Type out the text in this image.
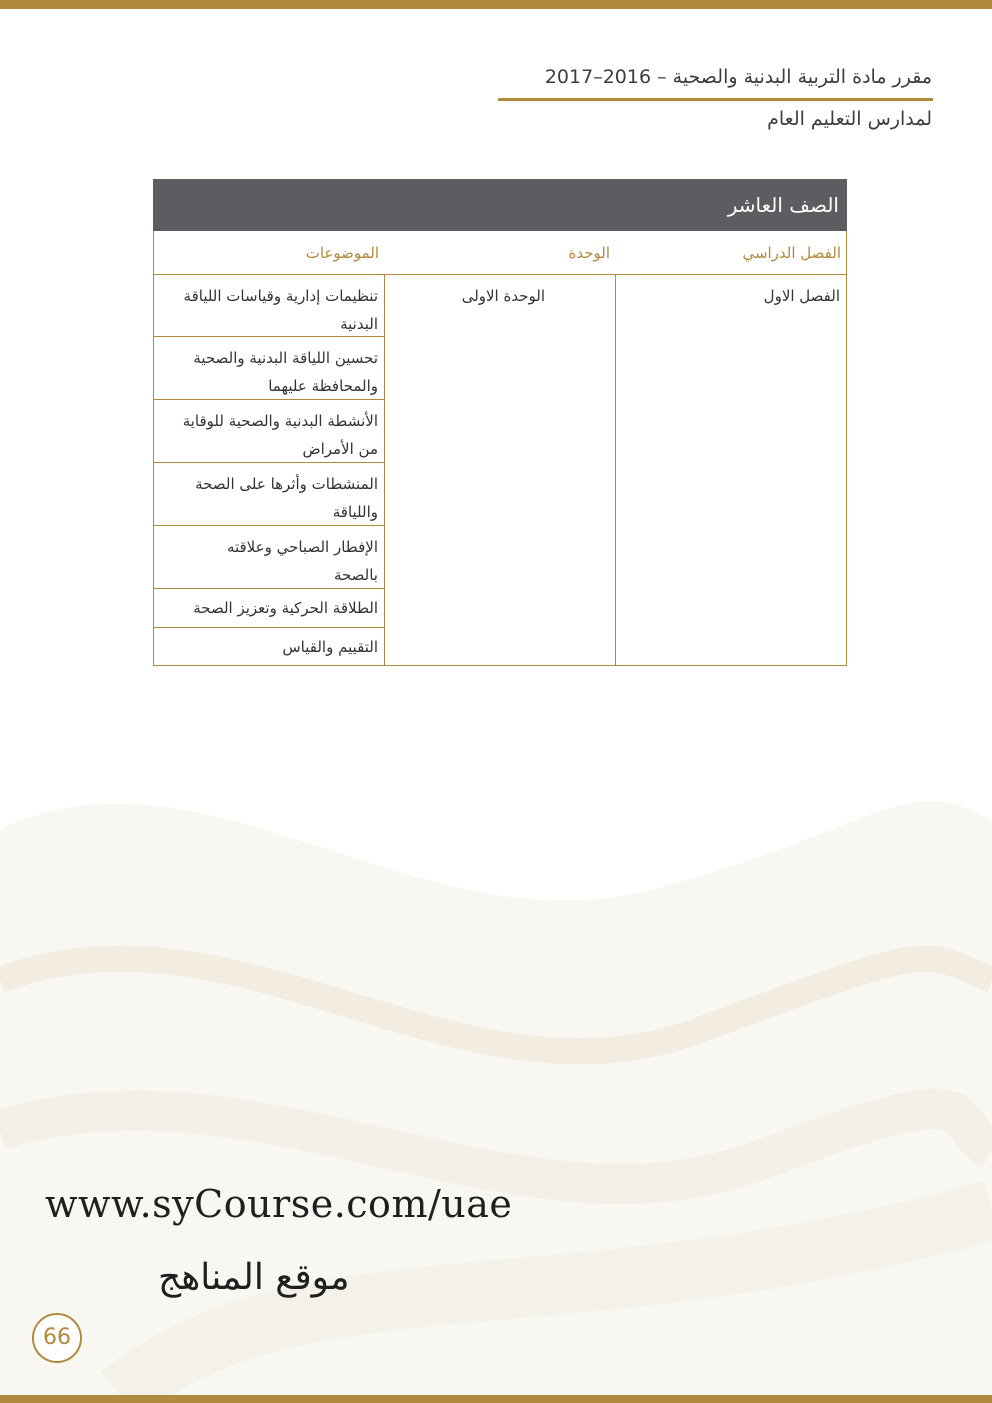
مقرر مادة التربية البدنية والصحية – 2016–2017
لمدارس التعليم العام
الصف العاشر
الفصل الدراسي
الوحدة
الموضوعات
الفصل الاول
الوحدة الاولى
تنظيمات إدارية وقياسات اللياقة
البدنية
تحسين اللياقة البدنية والصحية
والمحافظة عليهما
الأنشطة البدنية والصحية للوقاية
من الأمراض
المنشطات وأثرها على الصحة
واللياقة
الإفطار الصباحي وعلاقته
بالصحة
الطلاقة الحركية وتعزيز الصحة
التقييم والقياس
www.syCourse.com/uae
موقع المناهج
66
